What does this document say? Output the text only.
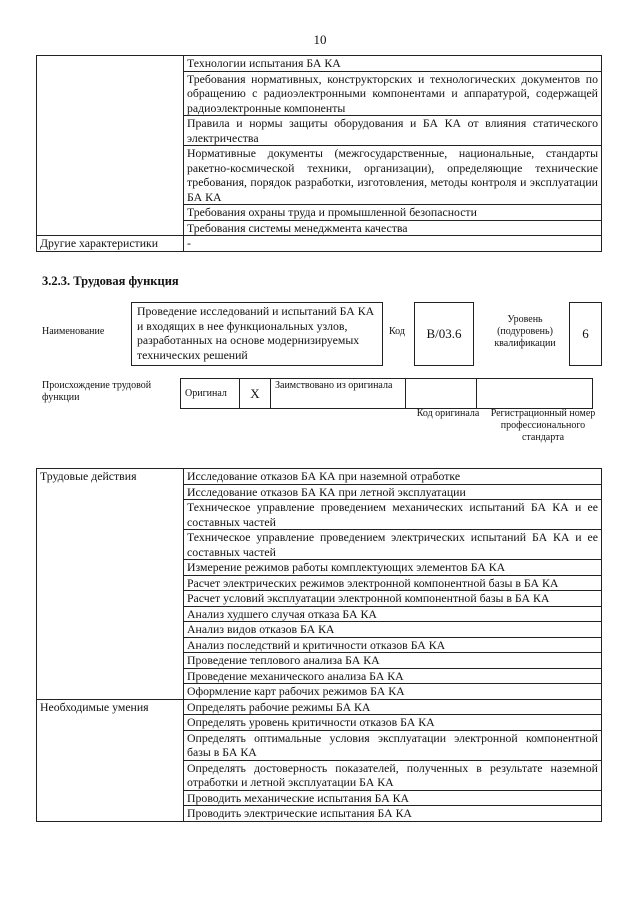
10
	Технологии испытания БА КА
	Требования нормативных, конструкторских и технологических документов по обращению с радиоэлектронными компонентами и аппаратурой, содержащей радиоэлектронные компоненты
	Правила и нормы защиты оборудования и БА КА от влияния статического электричества
	Нормативные документы (межгосударственные, национальные, стандарты ракетно-космической техники, организации), определяющие технические требования, порядок разработки, изготовления, методы контроля и эксплуатации БА КА
	Требования охраны труда и промышленной безопасности
	Требования системы менеджмента качества
Другие характеристики	-
3.2.3. Трудовая функция
Наименование
Проведение исследований и испытаний БА КА и входящих в нее функциональных узлов, разработанных на основе модернизируемых технических решений
Код	B/03.6
Уровень (подуровень) квалификации
6
Происхождение трудовой функции	Оригинал	X	Заимствовано из оригинала		
Код оригинала	Регистрационный номер профессионального стандарта
Трудовые действия	Исследование отказов БА КА при наземной отработке
	Исследование отказов БА КА при летной эксплуатации
	Техническое управление проведением механических испытаний БА КА и ее составных частей
	Техническое управление проведением электрических испытаний БА КА и ее составных частей
	Измерение режимов работы комплектующих элементов БА КА
	Расчет электрических режимов электронной компонентной базы в БА КА
	Расчет условий эксплуатации электронной компонентной базы в БА КА
	Анализ худшего случая отказа БА КА
	Анализ видов отказов БА КА
	Анализ последствий и критичности отказов БА КА
	Проведение теплового анализа БА КА
	Проведение механического анализа БА КА
	Оформление карт рабочих режимов БА КА
Необходимые умения	Определять рабочие режимы БА КА
	Определять уровень критичности отказов БА КА
	Определять оптимальные условия эксплуатации электронной компонентной базы в БА КА
	Определять достоверность показателей, полученных в результате наземной отработки и летной эксплуатации БА КА
	Проводить механические испытания БА КА
	Проводить электрические испытания БА КА
